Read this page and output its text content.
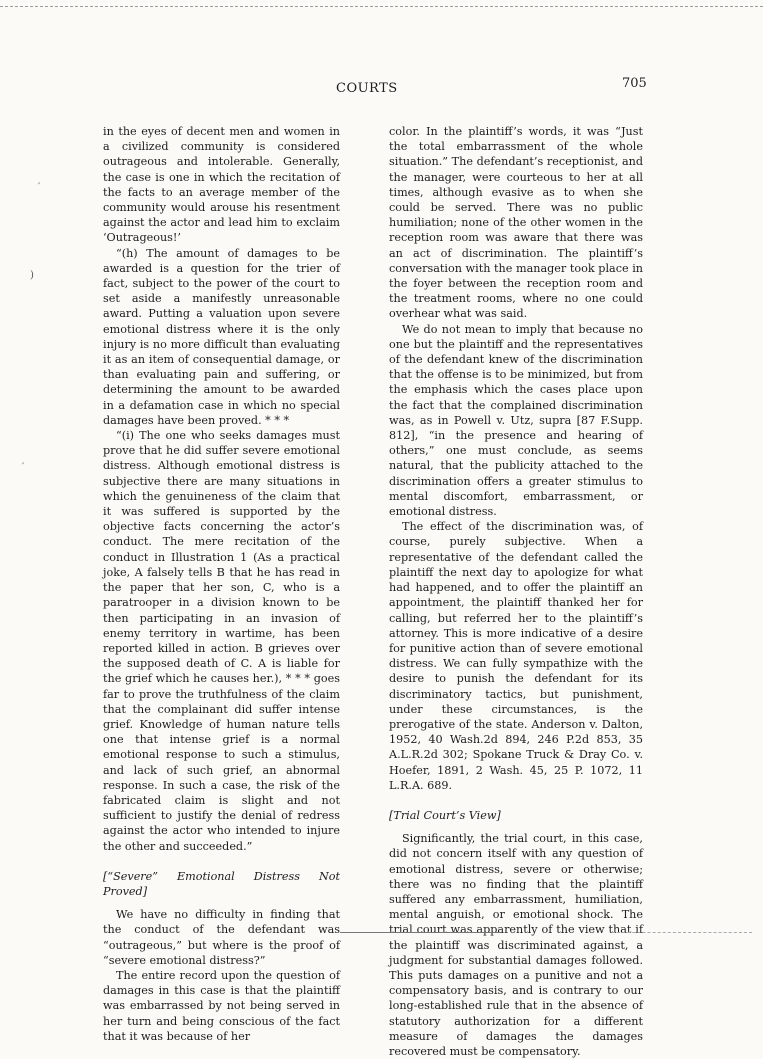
COURTS	705
)
′
′

in the eyes of decent men and women in a civilized community is considered outrageous and intolerable. Generally, the case is one in which the recitation of the facts to an average member of the community would arouse his resentment against the actor and lead him to exclaim ‘Outrageous!’

“(h) The amount of damages to be awarded is a question for the trier of fact, subject to the power of the court to set aside a manifestly unreasonable award. Putting a valuation upon severe emotional distress where it is the only injury is no more difficult than evaluating it as an item of consequential damage, or than evaluating pain and suffering, or determining the amount to be awarded in a defamation case in which no special damages have been proved. * * *

“(i) The one who seeks damages must prove that he did suffer severe emotional distress. Although emotional distress is subjective there are many situations in which the genuineness of the claim that it was suffered is supported by the objective facts concerning the actor’s conduct. The mere recitation of the conduct in Illustration 1 (As a practical joke, A falsely tells B that he has read in the paper that her son, C, who is a paratrooper in a division known to be then participating in an invasion of enemy territory in wartime, has been reported killed in action. B grieves over the supposed death of C. A is liable for the grief which he causes her.), * * * goes far to prove the truthfulness of the claim that the complainant did suffer intense grief. Knowledge of human nature tells one that intense grief is a normal emotional response to such a stimulus, and lack of such grief, an abnormal response. In such a case, the risk of the fabricated claim is slight and not sufficient to justify the denial of redress against the actor who intended to injure the other and succeeded.”

[“Severe” Emotional Distress Not Proved]

We have no difficulty in finding that the conduct of the defendant was “outrageous,” but where is the proof of “severe emotional distress?”

The entire record upon the question of damages in this case is that the plaintiff was embarrassed by not being served in her turn and being conscious of the fact that it was because of her

color. In the plaintiff’s words, it was “Just the total embarrassment of the whole situation.” The defendant’s receptionist, and the manager, were courteous to her at all times, although evasive as to when she could be served. There was no public humiliation; none of the other women in the reception room was aware that there was an act of discrimination. The plaintiff’s conversation with the manager took place in the foyer between the reception room and the treatment rooms, where no one could overhear what was said.

We do not mean to imply that because no one but the plaintiff and the representatives of the defendant knew of the discrimination that the offense is to be minimized, but from the emphasis which the cases place upon the fact that the complained discrimination was, as in Powell v. Utz, supra [87 F.Supp. 812], “in the presence and hearing of others,” one must conclude, as seems natural, that the publicity attached to the discrimination offers a greater stimulus to mental discomfort, embarrassment, or emotional distress.

The effect of the discrimination was, of course, purely subjective. When a representative of the defendant called the plaintiff the next day to apologize for what had happened, and to offer the plaintiff an appointment, the plaintiff thanked her for calling, but referred her to the plaintiff’s attorney. This is more indicative of a desire for punitive action than of severe emotional distress. We can fully sympathize with the desire to punish the defendant for its discriminatory tactics, but punishment, under these circumstances, is the prerogative of the state. Anderson v. Dalton, 1952, 40 Wash.2d 894, 246 P.2d 853, 35 A.L.R.2d 302; Spokane Truck & Dray Co. v. Hoefer, 1891, 2 Wash. 45, 25 P. 1072, 11 L.R.A. 689.

[Trial Court’s View]

Significantly, the trial court, in this case, did not concern itself with any question of emotional distress, severe or otherwise; there was no finding that the plaintiff suffered any embarrassment, humiliation, mental anguish, or emotional shock. The trial court was apparently of the view that if the plaintiff was discriminated against, a judgment for substantial damages followed. This puts damages on a punitive and not a compensatory basis, and is contrary to our long-established rule that in the absence of statutory authorization for a different measure of damages the damages recovered must be compensatory.
